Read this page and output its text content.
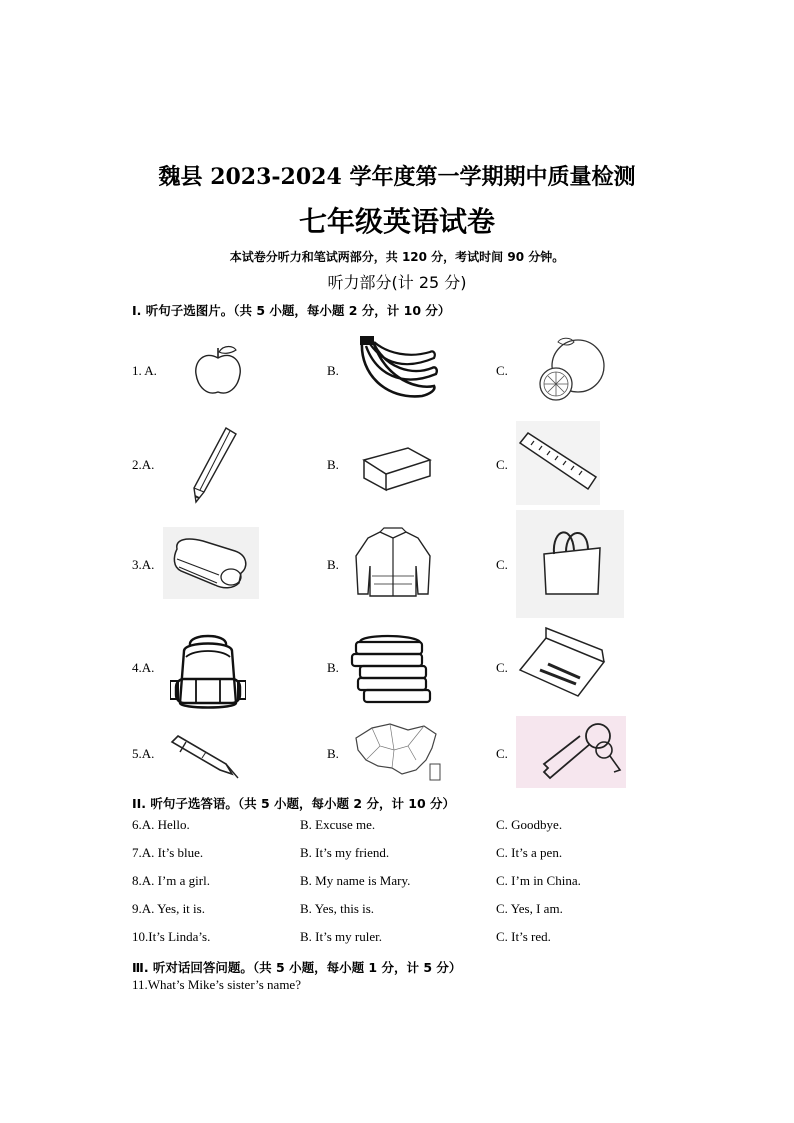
魏县 2023-2024 学年度第一学期期中质量检测
七年级英语试卷
本试卷分听力和笔试两部分，共 120 分，考试时间 90 分钟。
听力部分(计 25 分)
I. 听句子选图片。（共 5 小题，每小题 2 分，计 10 分）
1. A.	B.	C.
2.A.	B.	C.
3.A.	B.	C.
4.A.	B.	C.
5.A.	B.	C.
II. 听句子选答语。（共 5 小题，每小题 2 分，计 10 分）
6.A. Hello.	B. Excuse me.	C. Goodbye.
7.A. It’s blue.	B. It’s my friend.	C. It’s a pen.
8.A. I’m a girl.	B. My name is Mary.	C. I’m in China.
9.A. Yes, it is.	B. Yes, this is.	C. Yes, I am.
10.It’s Linda’s.	B. It’s my ruler.	C. It’s red.
Ⅲ. 听对话回答问题。（共 5 小题，每小题 1 分，计 5 分）
11.What’s Mike’s sister’s name?
